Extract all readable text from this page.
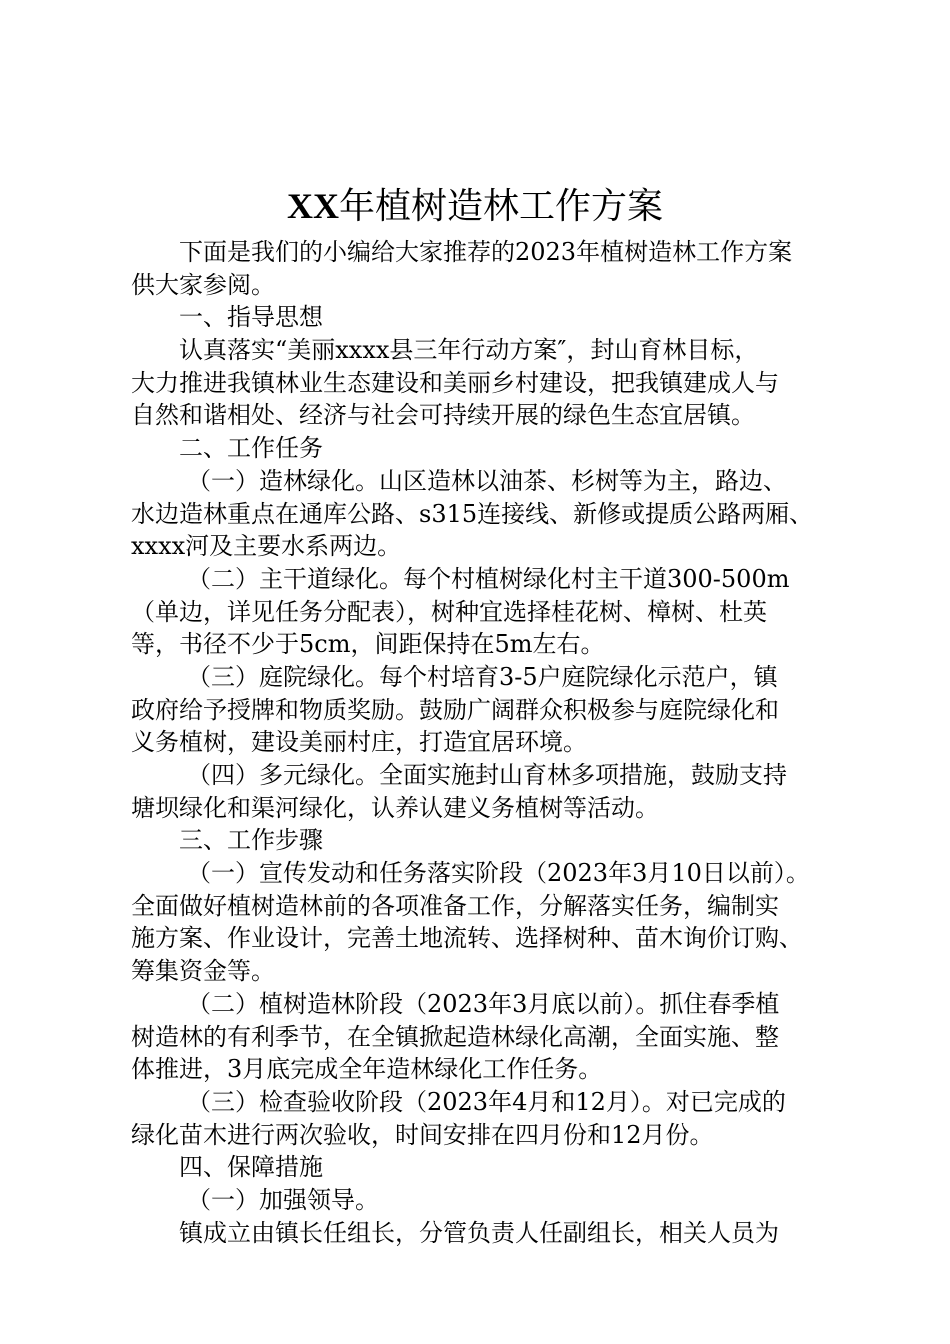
XX年植树造林工作方案
下面是我们的小编给大家推荐的2023年植树造林工作方案
供大家参阅。
一、指导思想
认真落实“美丽xxxx县三年行动方案″，封山育林目标，
大力推进我镇林业生态建设和美丽乡村建设，把我镇建成人与
自然和谐相处、经济与社会可持续开展的绿色生态宜居镇。
二、工作任务
（一）造林绿化。山区造林以油茶、杉树等为主，路边、
水边造林重点在通库公路、s315连接线、新修或提质公路两厢、
xxxx河及主要水系两边。
（二）主干道绿化。每个村植树绿化村主干道300-500m
（单边，详见任务分配表），树种宜选择桂花树、樟树、杜英
等，书径不少于5cm，间距保持在5m左右。
（三）庭院绿化。每个村培育3-5户庭院绿化示范户，镇
政府给予授牌和物质奖励。鼓励广阔群众积极参与庭院绿化和
义务植树，建设美丽村庄，打造宜居环境。
（四）多元绿化。全面实施封山育林多项措施，鼓励支持
塘坝绿化和渠河绿化，认养认建义务植树等活动。
三、工作步骤
（一）宣传发动和任务落实阶段（2023年3月10日以前）。
全面做好植树造林前的各项准备工作，分解落实任务，编制实
施方案、作业设计，完善土地流转、选择树种、苗木询价订购、
筹集资金等。
（二）植树造林阶段（2023年3月底以前）。抓住春季植
树造林的有利季节，在全镇掀起造林绿化高潮，全面实施、整
体推进，3月底完成全年造林绿化工作任务。
（三）检查验收阶段（2023年4月和12月）。对已完成的
绿化苗木进行两次验收，时间安排在四月份和12月份。
四、保障措施
（一）加强领导。
镇成立由镇长任组长，分管负责人任副组长，相关人员为
